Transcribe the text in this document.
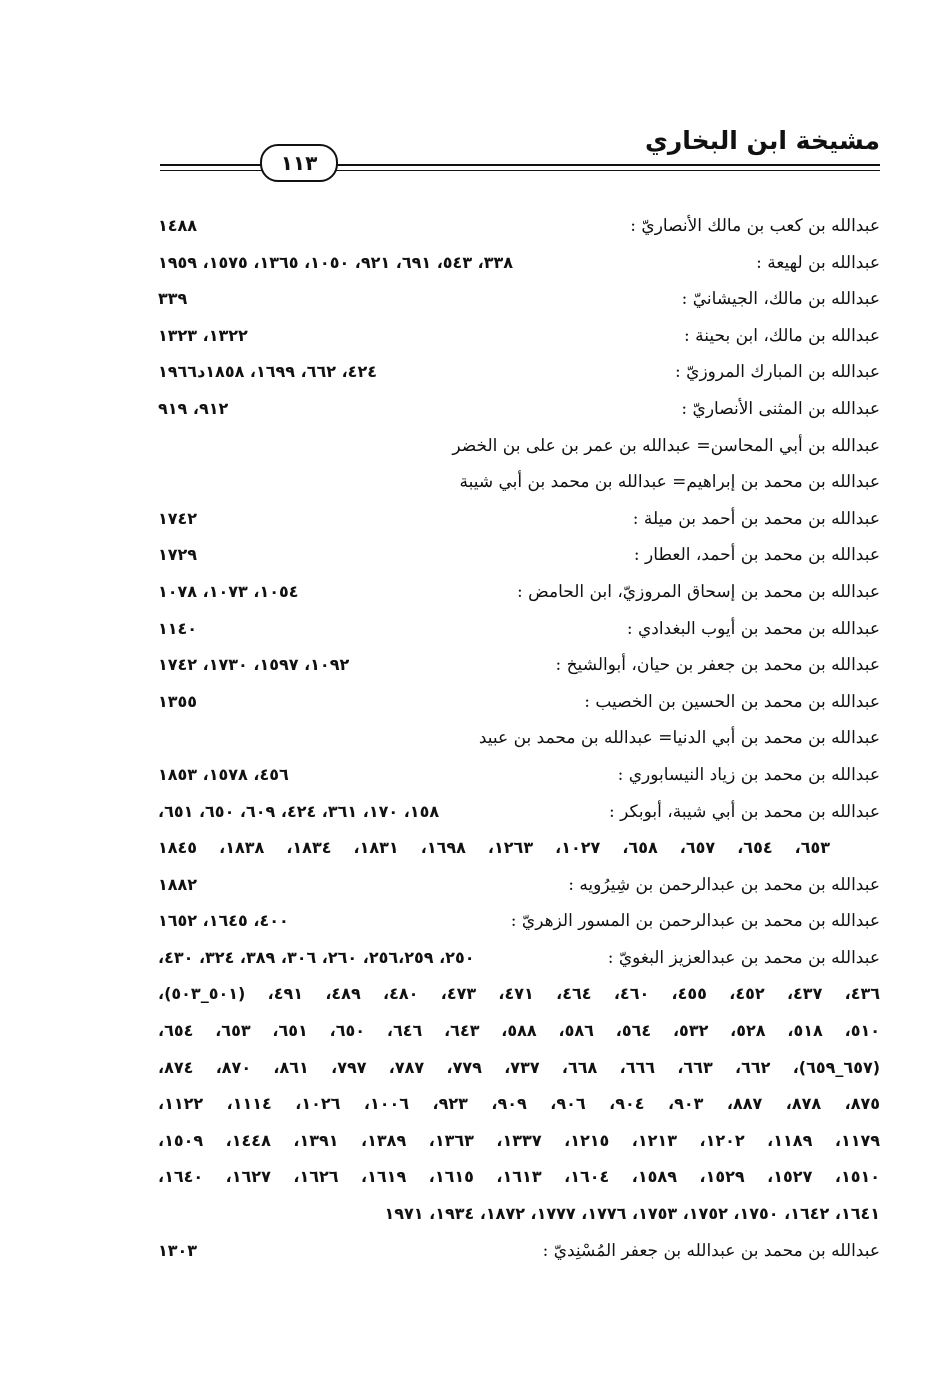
مشيخة ابن البخاري
١١٣
عبدالله بن كعب بن مالك الأنصاريّ :
١٤٨٨
عبدالله بن لهيعة :
٣٣٨، ٥٤٣، ٦٩١، ٩٢١، ١٠٥٠، ١٣٦٥، ١٥٧٥، ١٩٥٩
عبدالله بن مالك، الجيشانيّ :
٣٣٩
عبدالله بن مالك، ابن بحينة :
١٣٢٢، ١٣٢٣
عبدالله بن المبارك المروزيّ :
٤٢٤، ٦٦٢، ١٦٩٩، ١٨٥٨د١٩٦٦
عبدالله بن المثنى الأنصاريّ :
٩١٢، ٩١٩
عبدالله بن أبي المحاسن= عبدالله بن عمر بن على بن الخضر
عبدالله بن محمد بن إبراهيم= عبدالله بن محمد بن أبي شيبة
عبدالله بن محمد بن أحمد بن ميلة :
١٧٤٢
عبدالله بن محمد بن أحمد، العطار :
١٧٢٩
عبدالله بن محمد بن إسحاق المروزيّ، ابن الحامض :
١٠٥٤، ١٠٧٣، ١٠٧٨
عبدالله بن محمد بن أيوب البغدادي :
١١٤٠
عبدالله بن محمد بن جعفر بن حيان، أبوالشيخ :
١٠٩٢، ١٥٩٧، ١٧٣٠، ١٧٤٢
عبدالله بن محمد بن الحسين بن الخصيب :
١٣٥٥
عبدالله بن محمد بن أبي الدنيا= عبدالله بن محمد بن عبيد
عبدالله بن محمد بن زياد النيسابوري :
٤٥٦، ١٥٧٨، ١٨٥٣
عبدالله بن محمد بن أبي شيبة، أبوبكر :
١٥٨، ١٧٠، ٣٦١، ٤٢٤، ٦٠٩، ٦٥٠، ٦٥١،
٦٥٣، ٦٥٤، ٦٥٧، ٦٥٨، ١٠٢٧، ١٢٦٣، ١٦٩٨، ١٨٣١، ١٨٣٤، ١٨٣٨، ١٨٤٥
عبدالله بن محمد بن عبدالرحمن بن شِيرُويه :
١٨٨٢
عبدالله بن محمد بن عبدالرحمن بن المسور الزهريّ :
٤٠٠، ١٦٤٥، ١٦٥٢
عبدالله بن محمد بن عبدالعزيز البغويّ :
٢٥٠، ٢٥٦،٢٥٩، ٢٦٠، ٣٠٦، ٣٨٩، ٣٢٤، ٤٣٠،
٤٣٦، ٤٣٧، ٤٥٢، ٤٥٥، ٤٦٠، ٤٦٤، ٤٧١، ٤٧٣، ٤٨٠، ٤٨٩، ٤٩١، (٥٠١_٥٠٣)،
٥١٠، ٥١٨، ٥٢٨، ٥٣٢، ٥٦٤، ٥٨٦، ٥٨٨، ٦٤٣، ٦٤٦، ٦٥٠، ٦٥١، ٦٥٣، ٦٥٤،
(٦٥٧_٦٥٩)، ٦٦٢، ٦٦٣، ٦٦٦، ٦٦٨، ٧٣٧، ٧٧٩، ٧٨٧، ٧٩٧، ٨٦١، ٨٧٠، ٨٧٤،
٨٧٥، ٨٧٨، ٨٨٧، ٩٠٣، ٩٠٤، ٩٠٦، ٩٠٩، ٩٢٣، ١٠٠٦، ١٠٢٦، ١١١٤، ١١٢٢،
١١٧٩، ١١٨٩، ١٢٠٢، ١٢١٣، ١٢١٥، ١٣٣٧، ١٣٦٣، ١٣٨٩، ١٣٩١، ١٤٤٨، ١٥٠٩،
١٥١٠، ١٥٢٧، ١٥٢٩، ١٥٨٩، ١٦٠٤، ١٦١٣، ١٦١٥، ١٦١٩، ١٦٢٦، ١٦٢٧، ١٦٤٠،
١٦٤١، ١٦٤٢، ١٧٥٠، ١٧٥٢، ١٧٥٣، ١٧٧٦، ١٧٧٧، ١٨٧٢، ١٩٣٤، ١٩٧١
عبدالله بن محمد بن عبدالله بن جعفر المُسْنِديّ :
١٣٠٣
